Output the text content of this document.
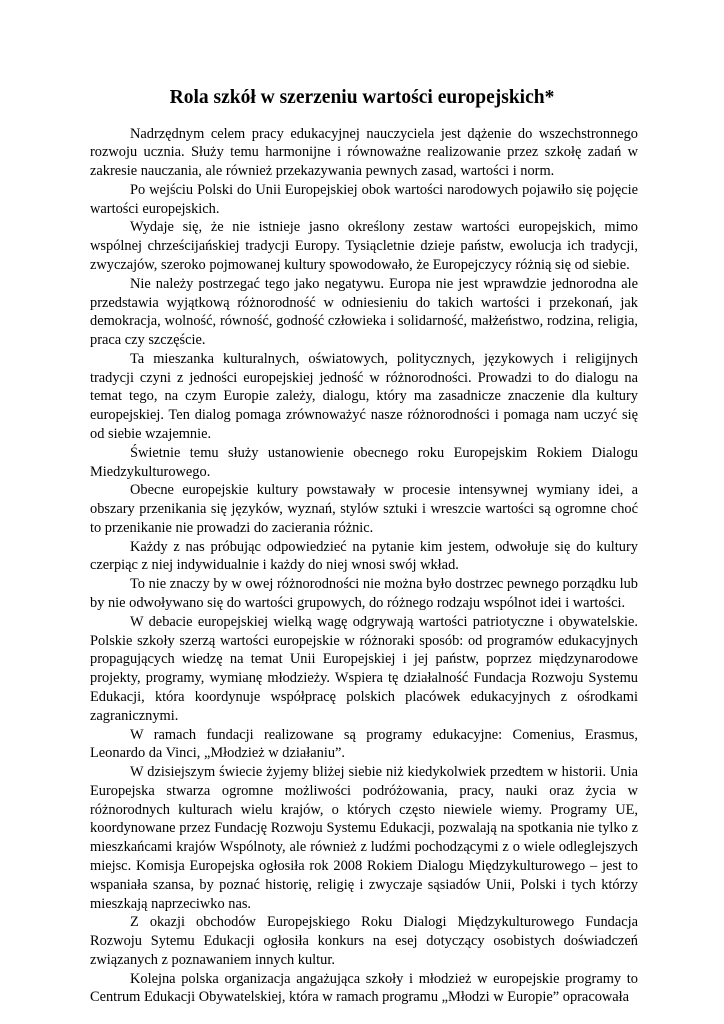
Rola szkół w szerzeniu wartości europejskich*

Nadrzędnym celem pracy edukacyjnej nauczyciela jest dążenie do wszechstronnego rozwoju ucznia. Służy temu harmonijne i równoważne realizowanie przez szkołę zadań w zakresie nauczania, ale również przekazywania pewnych zasad, wartości i norm.

Po wejściu Polski do Unii Europejskiej obok wartości narodowych pojawiło się pojęcie wartości europejskich.

Wydaje się, że nie istnieje jasno określony zestaw wartości europejskich, mimo wspólnej chrześcijańskiej tradycji Europy. Tysiącletnie dzieje państw, ewolucja ich tradycji, zwyczajów, szeroko pojmowanej kultury spowodowało, że Europejczycy różnią się od siebie.

Nie należy postrzegać tego jako negatywu. Europa nie jest wprawdzie jednorodna ale przedstawia wyjątkową różnorodność w odniesieniu do takich wartości i przekonań, jak demokracja, wolność, równość, godność człowieka i solidarność, małżeństwo, rodzina, religia, praca czy szczęście.

Ta mieszanka kulturalnych, oświatowych, politycznych, językowych i religijnych tradycji czyni z jedności europejskiej jedność w różnorodności. Prowadzi to do dialogu na temat tego, na czym Europie zależy, dialogu, który ma zasadnicze znaczenie dla kultury europejskiej. Ten dialog pomaga zrównoważyć nasze różnorodności i pomaga nam uczyć się od siebie wzajemnie.

Świetnie temu służy ustanowienie obecnego roku Europejskim Rokiem Dialogu Miedzykulturowego.

Obecne europejskie kultury powstawały w procesie intensywnej wymiany idei, a obszary przenikania się języków, wyznań, stylów sztuki i wreszcie wartości są ogromne choć to przenikanie nie prowadzi do zacierania różnic.

Każdy z nas próbując odpowiedzieć na pytanie kim jestem, odwołuje się do kultury czerpiąc z niej indywidualnie i każdy do niej wnosi swój wkład.

To nie znaczy by w owej różnorodności nie można było dostrzec pewnego porządku lub by nie odwoływano się do wartości grupowych, do różnego rodzaju wspólnot idei i wartości.

W debacie europejskiej wielką wagę odgrywają wartości patriotyczne i obywatelskie. Polskie szkoły szerzą wartości europejskie w różnoraki sposób: od programów edukacyjnych propagujących wiedzę na temat Unii Europejskiej i jej państw, poprzez międzynarodowe projekty, programy, wymianę młodzieży. Wspiera tę działalność Fundacja Rozwoju Systemu Edukacji, która koordynuje współpracę polskich placówek edukacyjnych z ośrodkami zagranicznymi.

W ramach fundacji realizowane są programy edukacyjne: Comenius, Erasmus, Leonardo da Vinci, „Młodzież w działaniu”.

W dzisiejszym świecie żyjemy bliżej siebie niż kiedykolwiek przedtem w historii. Unia Europejska stwarza ogromne możliwości podróżowania, pracy, nauki oraz życia w różnorodnych kulturach wielu krajów, o których często niewiele wiemy. Programy UE, koordynowane przez Fundację Rozwoju Systemu Edukacji, pozwalają na spotkania nie tylko z mieszkańcami krajów Wspólnoty, ale również z ludźmi pochodzącymi z o wiele odleglejszych miejsc. Komisja Europejska ogłosiła rok 2008 Rokiem Dialogu Międzykulturowego – jest to wspaniała szansa, by poznać historię, religię i zwyczaje sąsiadów Unii, Polski i tych którzy mieszkają naprzeciwko nas.

Z okazji obchodów Europejskiego Roku Dialogi Międzykulturowego Fundacja Rozwoju Sytemu Edukacji ogłosiła konkurs na esej dotyczący osobistych doświadczeń związanych z poznawaniem innych kultur.

Kolejna polska organizacja angażująca szkoły i młodzież w europejskie programy to Centrum Edukacji Obywatelskiej, która w ramach programu „Młodzi w Europie” opracowała
